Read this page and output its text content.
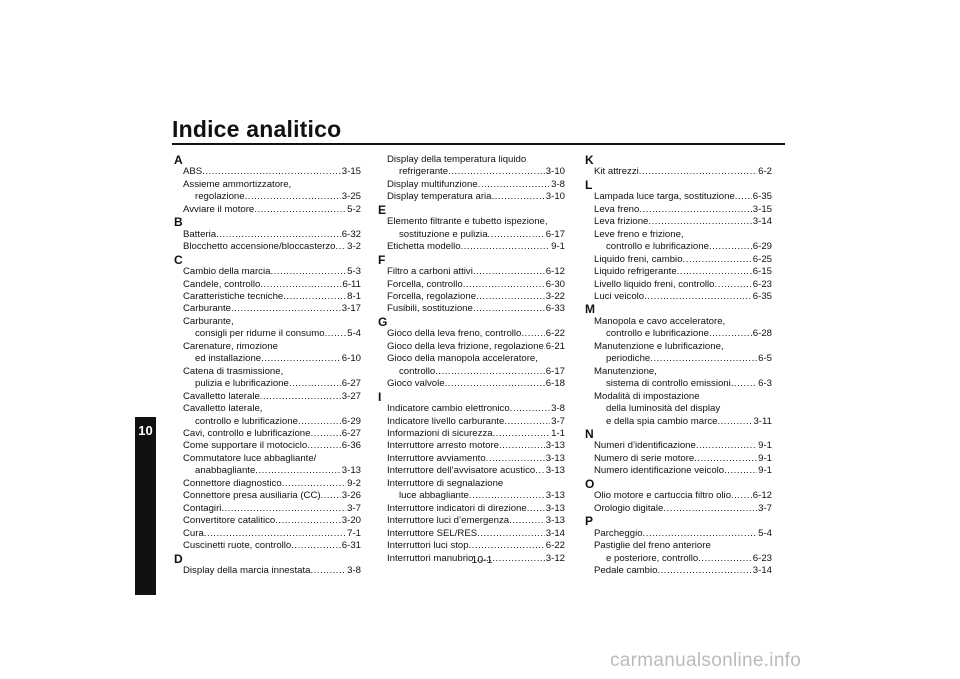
Indice analitico
10
A
ABS .....	3-15
Assieme ammortizzatore,
regolazione .....	3-25
Avviare il motore .....	5-2
B
Batteria .....	6-32
Blocchetto accensione/bloccasterzo ..... 3-2
C
Cambio della marcia .....	5-3
Candele, controllo .....	6-11
Caratteristiche tecniche .....	8-1
Carburante .....	3-17
Carburante,
consigli per ridurne il consumo ..... 5-4
Carenature, rimozione
ed installazione .....	6-10
Catena di trasmissione,
pulizia e lubrificazione .....	6-27
Cavalletto laterale .....	3-27
Cavalletto laterale,
controllo e lubrificazione .....	6-29
Cavi, controllo e lubrificazione .....	6-27
Come supportare il motociclo .....	6-36
Commutatore luce abbagliante/
anabbagliante .....	3-13
Connettore diagnostico .....	9-2
Connettore presa ausiliaria (CC) ..... 3-26
Contagiri .....	3-7
Convertitore catalitico .....	3-20
Cura .....	7-1
Cuscinetti ruote, controllo .....	6-31
D
Display della marcia innestata .....	3-8
Display della temperatura liquido
refrigerante .....	3-10
Display multifunzione .....	3-8
Display temperatura aria .....	3-10
E
Elemento filtrante e tubetto ispezione,
sostituzione e pulizia .....	6-17
Etichetta modello .....	9-1
F
Filtro a carboni attivi .....	6-12
Forcella, controllo .....	6-30
Forcella, regolazione .....	3-22
Fusibili, sostituzione .....	6-33
G
Gioco della leva freno, controllo .....	6-22
Gioco della leva frizione, regolazione ..... 6-21
Gioco della manopola acceleratore,
controllo .....	6-17
Gioco valvole .....	6-18
I
Indicatore cambio elettronico .....	3-8
Indicatore livello carburante .....	3-7
Informazioni di sicurezza .....	1-1
Interruttore arresto motore .....	3-13
Interruttore avviamento .....	3-13
Interruttore dell’avvisatore acustico ..... 3-13
Interruttore di segnalazione
luce abbagliante .....	3-13
Interruttore indicatori di direzione ..... 3-13
Interruttore luci d’emergenza .....	3-13
Interruttore SEL/RES .....	3-14
Interruttori luci stop .....	6-22
Interruttori manubrio .....	3-12
K
Kit attrezzi .....	6-2
L
Lampada luce targa, sostituzione ..... 6-35
Leva freno .....	3-15
Leva frizione .....	3-14
Leve freno e frizione,
controllo e lubrificazione .....	6-29
Liquido freni, cambio .....	6-25
Liquido refrigerante .....	6-15
Livello liquido freni, controllo .....	6-23
Luci veicolo .....	6-35
M
Manopola e cavo acceleratore,
controllo e lubrificazione .....	6-28
Manutenzione e lubrificazione,
periodiche .....	6-5
Manutenzione,
sistema di controllo emissioni .....	6-3
Modalità di impostazione
della luminosità del display
e della spia cambio marce .....	3-11
N
Numeri d’identificazione .....	9-1
Numero di serie motore .....	9-1
Numero identificazione veicolo .....	9-1
O
Olio motore e cartuccia filtro olio ..... 6-12
Orologio digitale .....	3-7
P
Parcheggio .....	5-4
Pastiglie del freno anteriore
e posteriore, controllo .....	6-23
Pedale cambio .....	3-14
10-1
carmanualsonline.info
